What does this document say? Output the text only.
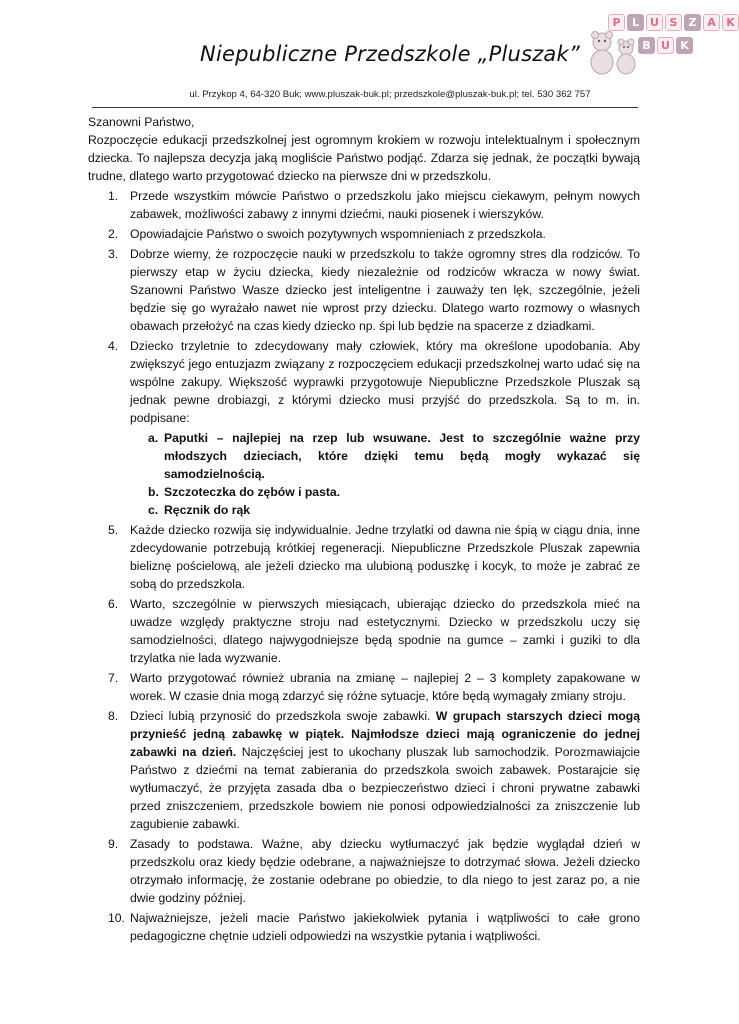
P	L	U S	Z A K
B U K
Niepubliczne Przedszkole „Pluszak”
ul. Przykop 4, 64-320 Buk; www.pluszak-buk.pl; przedszkole@pluszak-buk.pl; tel. 530 362 757

Szanowni Państwo,

Rozpoczęcie edukacji przedszkolnej jest ogromnym krokiem w rozwoju intelektualnym i społecznym dziecka. To najlepsza decyzja jaką mogliście Państwo podjąć. Zdarza się jednak, że początki bywają trudne, dlatego warto przygotować dziecko na pierwsze dni w przedszkolu.

1. Przede wszystkim mówcie Państwo o przedszkolu jako miejscu ciekawym, pełnym nowych zabawek, możliwości zabawy z innymi dziećmi, nauki piosenek i wierszyków.
2. Opowiadajcie Państwo o swoich pozytywnych wspomnieniach z przedszkola.
3. Dobrze wiemy, że rozpoczęcie nauki w przedszkolu to także ogromny stres dla rodziców. To pierwszy etap w życiu dziecka, kiedy niezależnie od rodziców wkracza w nowy świat. Szanowni Państwo Wasze dziecko jest inteligentne i zauważy ten lęk, szczególnie, jeżeli będzie się go wyrażało nawet nie wprost przy dziecku. Dlatego warto rozmowy o własnych obawach przełożyć na czas kiedy dziecko np. śpi lub będzie na spacerze z dziadkami.
4. Dziecko trzyletnie to zdecydowany mały człowiek, który ma określone upodobania. Aby zwiększyć jego entuzjazm związany z rozpoczęciem edukacji przedszkolnej warto udać się na wspólne zakupy. Większość wyprawki przygotowuje Niepubliczne Przedszkole Pluszak są jednak pewne drobiazgi, z którymi dziecko musi przyjść do przedszkola. Są to m. in. podpisane:
a. Paputki – najlepiej na rzep lub wsuwane. Jest to szczególnie ważne przy młodszych dzieciach, które dzięki temu będą mogły wykazać się samodzielnością.
b. Szczoteczka do zębów i pasta.
c. Ręcznik do rąk
5. Każde dziecko rozwija się indywidualnie. Jedne trzylatki od dawna nie śpią w ciągu dnia, inne zdecydowanie potrzebują krótkiej regeneracji. Niepubliczne Przedszkole Pluszak zapewnia bieliznę pościelową, ale jeżeli dziecko ma ulubioną poduszkę i kocyk, to może je zabrać ze sobą do przedszkola.
6. Warto, szczególnie w pierwszych miesiącach, ubierając dziecko do przedszkola mieć na uwadze względy praktyczne stroju nad estetycznymi. Dziecko w przedszkolu uczy się samodzielności, dlatego najwygodniejsze będą spodnie na gumce – zamki i guziki to dla trzylatka nie lada wyzwanie.
7. Warto przygotować również ubrania na zmianę – najlepiej 2 – 3 komplety zapakowane w worek. W czasie dnia mogą zdarzyć się różne sytuacje, które będą wymagały zmiany stroju.
8. Dzieci lubią przynosić do przedszkola swoje zabawki. W grupach starszych dzieci mogą przynieść jedną zabawkę w piątek. Najmłodsze dzieci mają ograniczenie do jednej zabawki na dzień. Najczęściej jest to ukochany pluszak lub samochodzik. Porozmawiajcie Państwo z dziećmi na temat zabierania do przedszkola swoich zabawek. Postarajcie się wytłumaczyć, że przyjęta zasada dba o bezpieczeństwo dzieci i chroni prywatne zabawki przed zniszczeniem, przedszkole bowiem nie ponosi odpowiedzialności za zniszczenie lub zagubienie zabawki.
9. Zasady to podstawa. Ważne, aby dziecku wytłumaczyć jak będzie wyglądał dzień w przedszkolu oraz kiedy będzie odebrane, a najważniejsze to dotrzymać słowa. Jeżeli dziecko otrzymało informację, że zostanie odebrane po obiedzie, to dla niego to jest zaraz po, a nie dwie godziny później.
10. Najważniejsze, jeżeli macie Państwo jakiekolwiek pytania i wątpliwości to całe grono pedagogiczne chętnie udzieli odpowiedzi na wszystkie pytania i wątpliwości.
